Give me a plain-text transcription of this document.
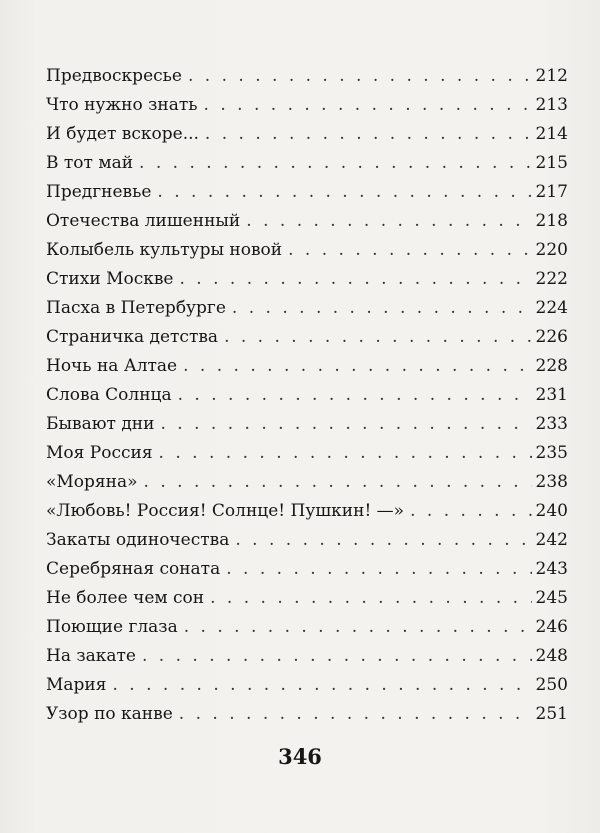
Предвоскресье . . .	212
Что нужно знать . . .	213
И будет вскоре... . . .	214
В тот май . . .	215
Предгневье . . .	217
Отечества лишенный . . .	218
Колыбель культуры новой . . .	220
Стихи Москве . . .	222
Пасха в Петербурге . . .	224
Страничка детства . . .	226
Ночь на Алтае . . .	228
Слова Солнца . . .	231
Бывают дни . . .	233
Моя Россия . . .	235
«Моряна» . . .	238
«Любовь! Россия! Солнце! Пушкин! —» . . .	240
Закаты одиночества . . .	242
Серебряная соната . . .	243
Не более чем сон . . .	245
Поющие глаза . . .	246
На закате . . .	248
Мария . . .	250
Узор по канве . . .	251
346
